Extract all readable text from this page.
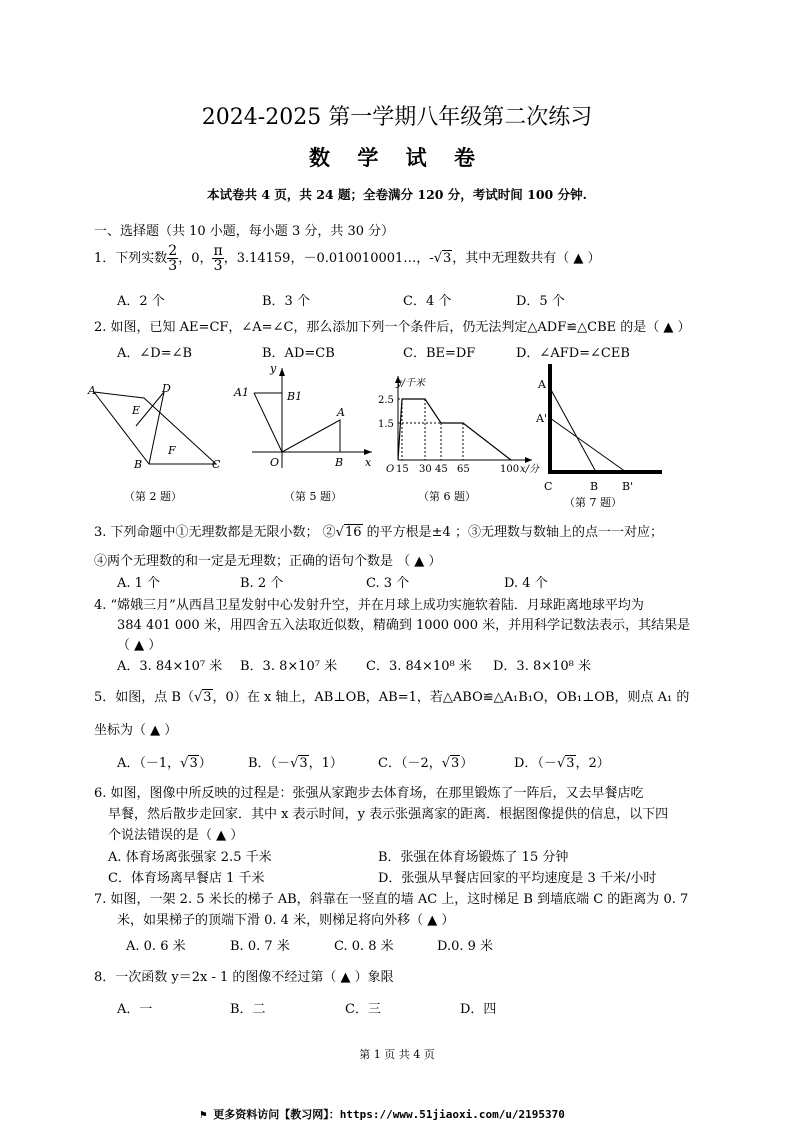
2024-2025 第一学期八年级第二次练习
数 学 试 卷
本试卷共 4 页，共 24 题；全卷满分 120 分，考试时间 100 分钟.
一、选择题（共 10 小题，每小题 3 分，共 30 分）
1．下列实数 $\frac{2}{3}$ ，0， $\frac{\pi}{3}$ ，3.14159，－0.010010001…，-√3，其中无理数共有（ ▲ ）
A．2 个	B．3 个	C．4 个	D．5 个
2. 如图，已知 AE=CF，∠A=∠C，那么添加下列一个条件后，仍无法判定△ADF≌△CBE 的是（ ▲ ）
A．∠D=∠B	B．AD=CB	C．BE=DF	D．∠AFD=∠CEB
A	D
E
F
B	C
（第 2 题）
y
A1	B1
A
O	B x
（第 5 题）
y/千米
x/分
2.5
1.5
O 15 30 45 65	100
（第 6 题）
A
A'
C	B B'
（第 7 题）
3. 下列命题中①无理数都是无限小数； ②√16 的平方根是±4 ；③无理数与数轴上的点一一对应；
④两个无理数的和一定是无理数；正确的语句个数是 （ ▲ ）
A. 1 个	B. 2 个	C. 3 个	D. 4 个
4. “嫦娥三月”从西昌卫星发射中心发射升空，并在月球上成功实施软着陆．月球距离地球平均为
384 401 000 米，用四舍五入法取近似数，精确到 1000 000 米，并用科学记数法表示，其结果是
（ ▲ ）
A．3. 84×10⁷ 米 B．3. 8×10⁷ 米 C．3. 84×10⁸ 米 D．3. 8×10⁸ 米
5．如图，点 B（√3，0）在 x 轴上，AB⊥OB，AB=1，若△ABO≌△A₁B₁O，OB₁⊥OB，则点 A₁ 的
坐标为（ ▲ ）
A．（－1，√3）	B．（－√3，1）	C．（－2，√3）	D．（－√3，2）
6. 如图，图像中所反映的过程是：张强从家跑步去体育场，在那里锻炼了一阵后，又去早餐店吃
早餐，然后散步走回家．其中 x 表示时间，y 表示张强离家的距离．根据图像提供的信息，以下四
个说法错误的是（ ▲ ）
A. 体育场离张强家 2.5 千米	B．张强在体育场锻炼了 15 分钟
C．体育场离早餐店 1 千米	D．张强从早餐店回家的平均速度是 3 千米/小时
7. 如图，一架 2. 5 米长的梯子 AB，斜靠在一竖直的墙 AC 上，这时梯足 B 到墙底端 C 的距离为 0. 7
米，如果梯子的顶端下滑 0. 4 米，则梯足将向外移（ ▲ ）
A. 0. 6 米	B. 0. 7 米	C. 0. 8 米	D.0. 9 米
8．一次函数 y＝2x - 1 的图像不经过第（ ▲ ）象限
A．一	B．二	C．三	D．四
第 1 页 共 4 页
⚑ 更多资料访问【教习网】：https://www.51jiaoxi.com/u/2195370
